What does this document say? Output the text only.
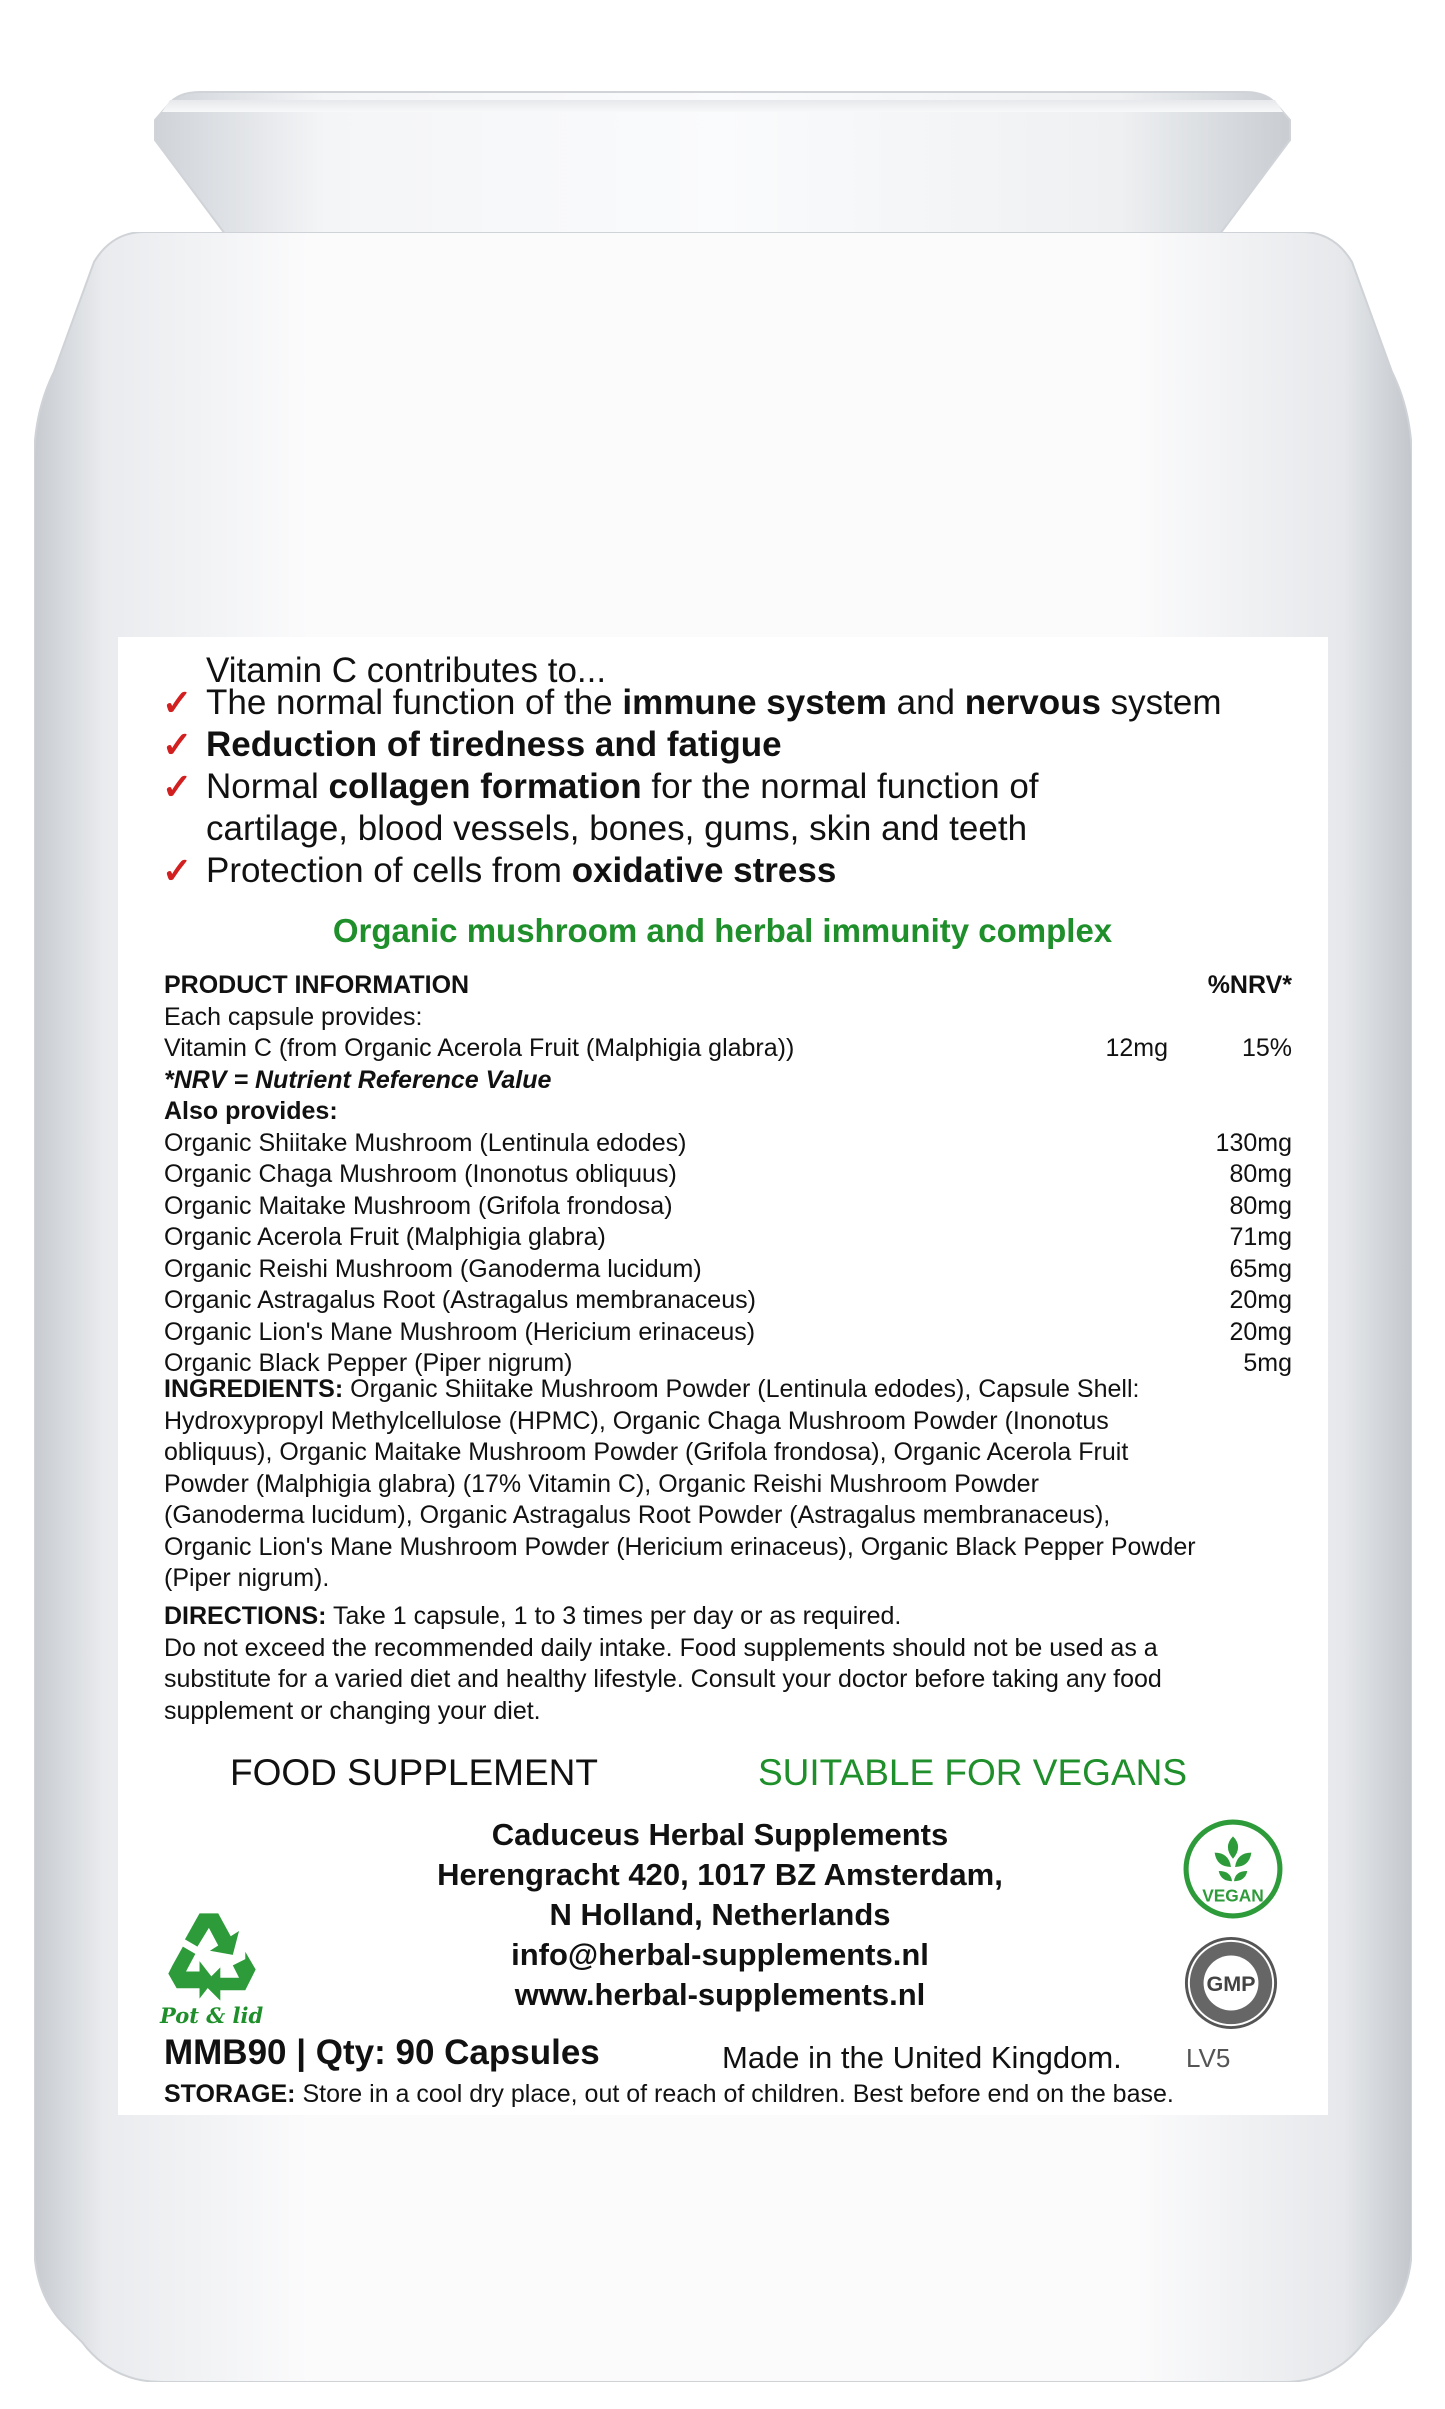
Vitamin C contributes to...
✓ The normal function of the immune system and nervous system
✓ Reduction of tiredness and fatigue
✓ Normal collagen formation for the normal function of
cartilage, blood vessels, bones, gums, skin and teeth
✓ Protection of cells from oxidative stress
Organic mushroom and herbal immunity complex
PRODUCT INFORMATION	%NRV*
Each capsule provides:
Vitamin C (from Organic Acerola Fruit (Malphigia glabra))	12mg	15%
*NRV = Nutrient Reference Value
Also provides:
Organic Shiitake Mushroom (Lentinula edodes)	130mg
Organic Chaga Mushroom (Inonotus obliquus)	80mg
Organic Maitake Mushroom (Grifola frondosa)	80mg
Organic Acerola Fruit (Malphigia glabra)	71mg
Organic Reishi Mushroom (Ganoderma lucidum)	65mg
Organic Astragalus Root (Astragalus membranaceus)	20mg
Organic Lion's Mane Mushroom (Hericium erinaceus)	20mg
Organic Black Pepper (Piper nigrum)	5mg
INGREDIENTS: Organic Shiitake Mushroom Powder (Lentinula edodes), Capsule Shell:
Hydroxypropyl Methylcellulose (HPMC), Organic Chaga Mushroom Powder (Inonotus
obliquus), Organic Maitake Mushroom Powder (Grifola frondosa), Organic Acerola Fruit
Powder (Malphigia glabra) (17% Vitamin C), Organic Reishi Mushroom Powder
(Ganoderma lucidum), Organic Astragalus Root Powder (Astragalus membranaceus),
Organic Lion's Mane Mushroom Powder (Hericium erinaceus), Organic Black Pepper Powder
(Piper nigrum).
DIRECTIONS: Take 1 capsule, 1 to 3 times per day or as required.
Do not exceed the recommended daily intake. Food supplements should not be used as a
substitute for a varied diet and healthy lifestyle. Consult your doctor before taking any food
supplement or changing your diet.
FOOD SUPPLEMENT	SUITABLE FOR VEGANS
Caduceus Herbal Supplements
Herengracht 420, 1017 BZ Amsterdam,
N Holland, Netherlands
info@herbal-supplements.nl
www.herbal-supplements.nl
Pot & lid
VEGAN
GMP
MMB90 | Qty: 90 Capsules	Made in the United Kingdom. LV5
STORAGE: Store in a cool dry place, out of reach of children. Best before end on the base.
